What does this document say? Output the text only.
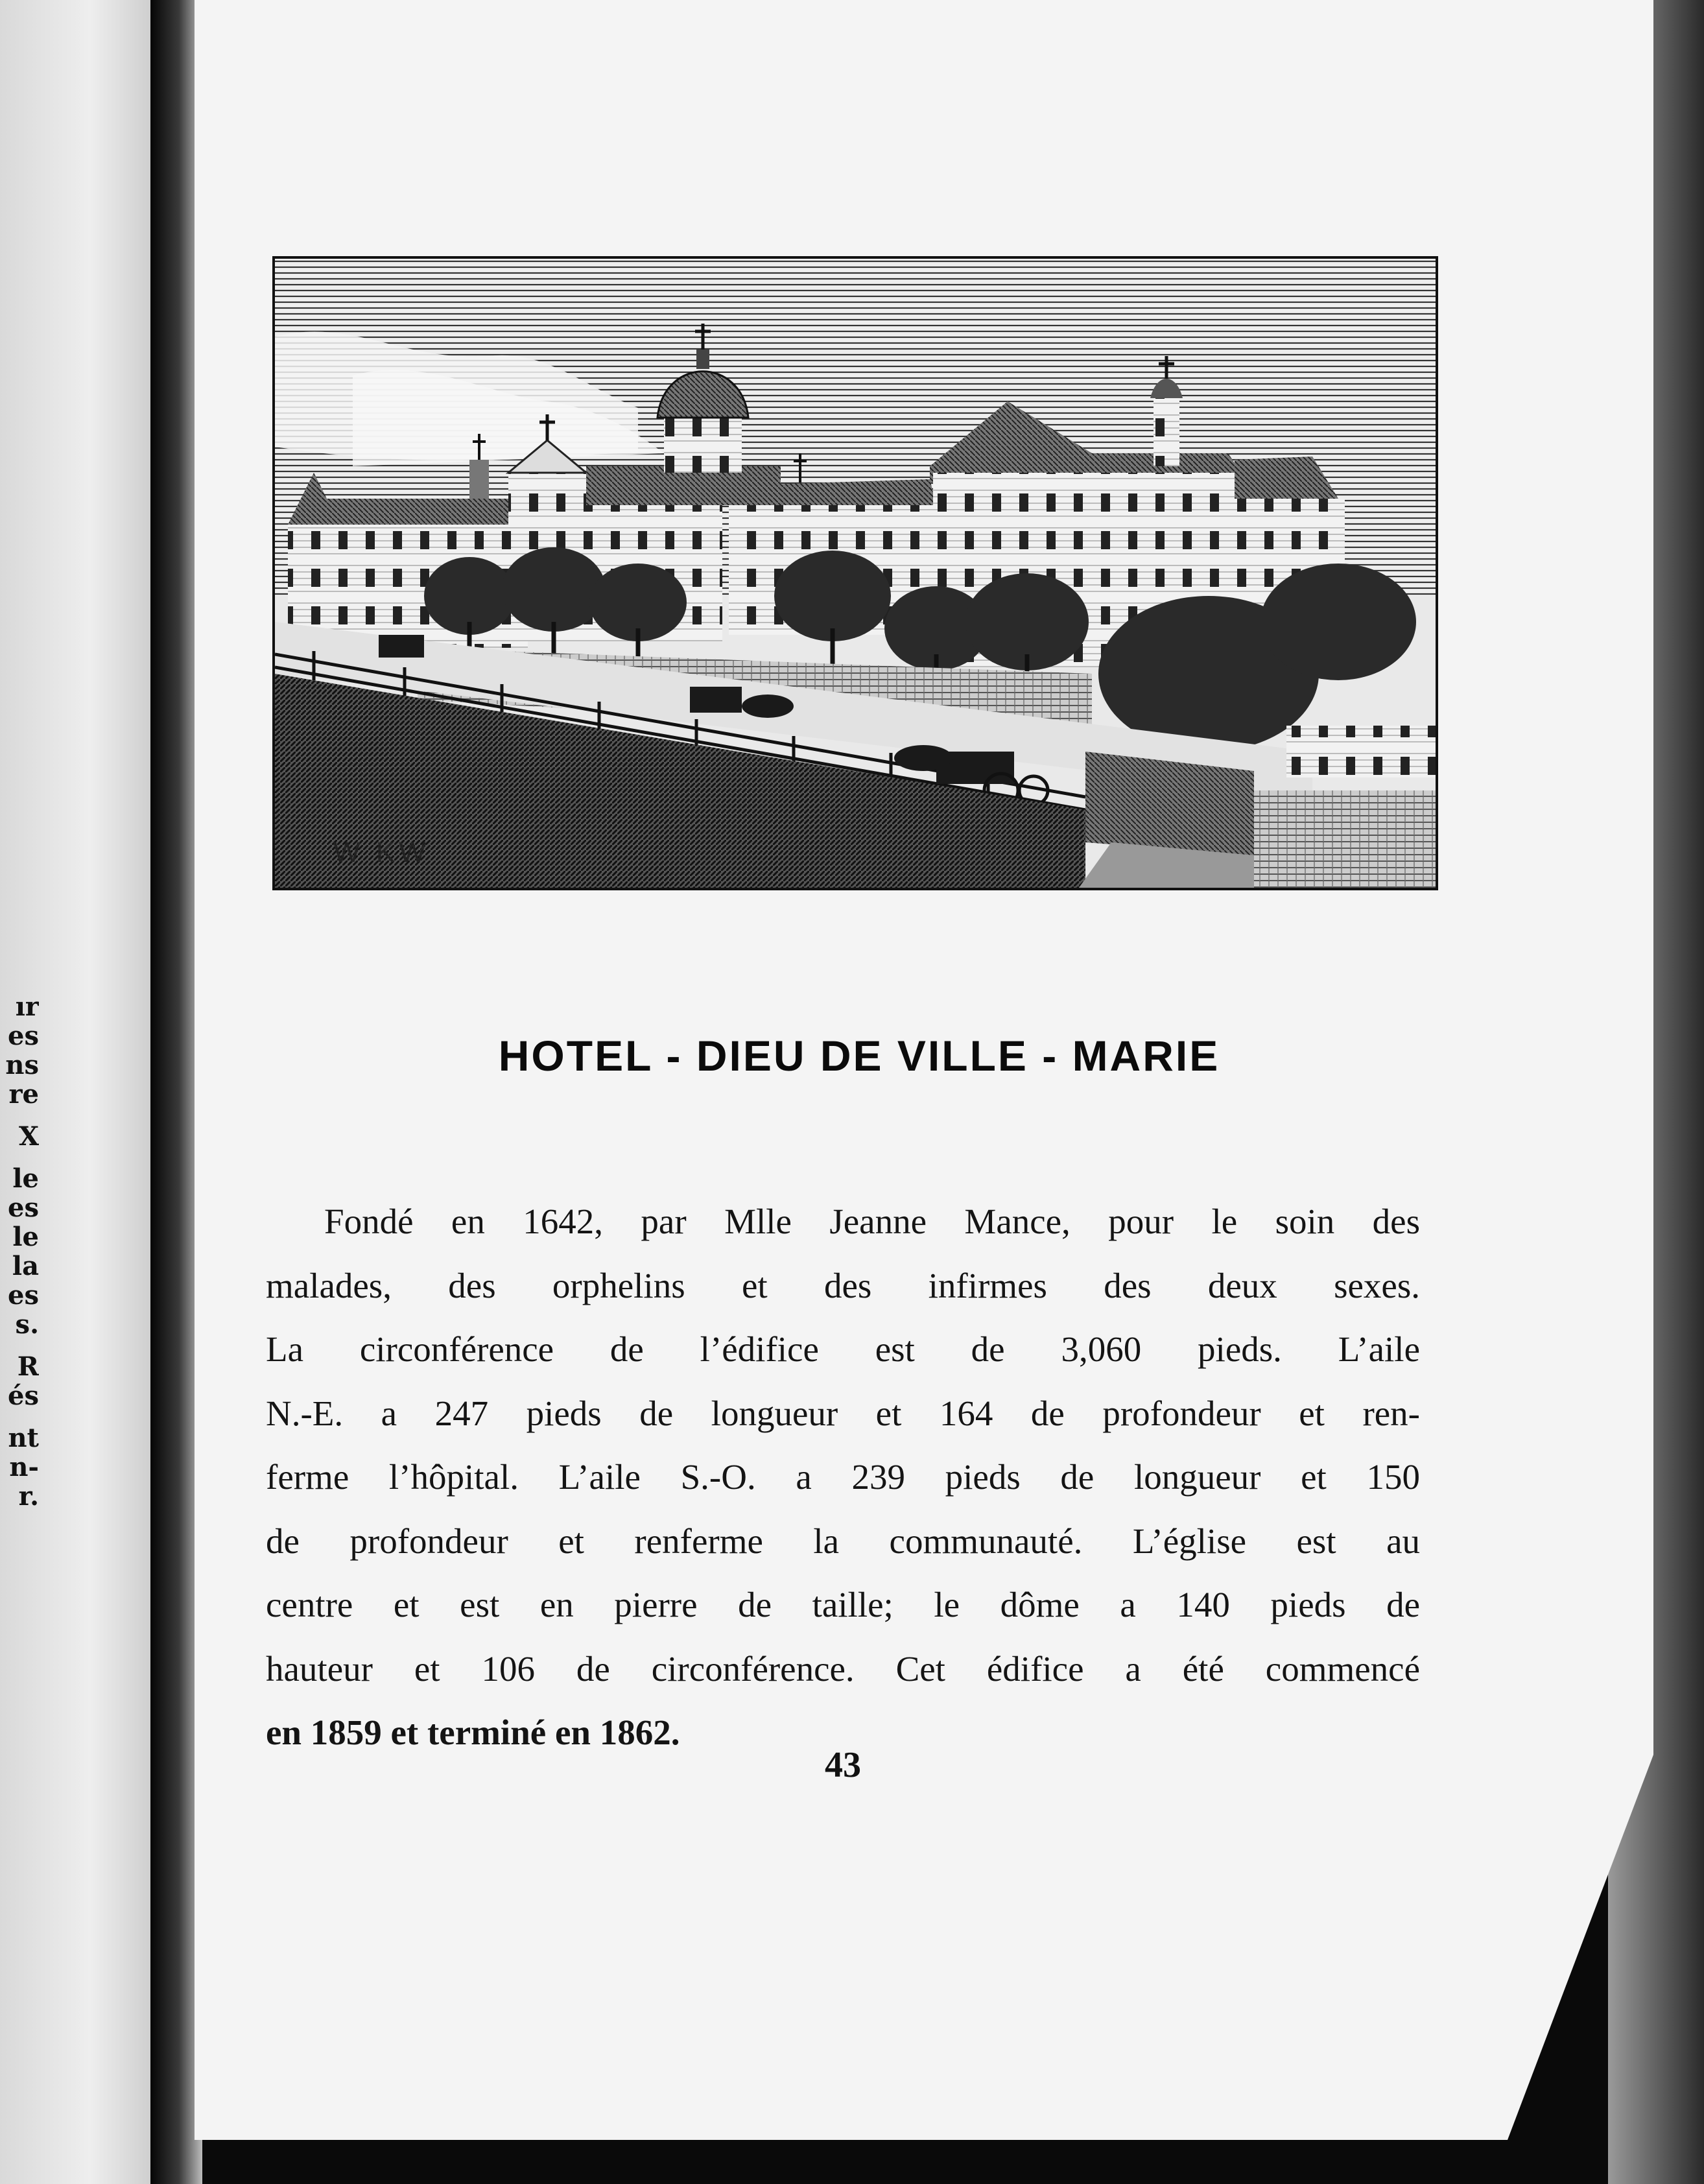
ır
es
ns
re
X
le
es
le
la
es
s.
R
és
nt
n-
r.
W KW
HOTEL - DIEU DE VILLE - MARIE
Fondé en 1642, par Mlle Jeanne Mance, pour le soin des
malades, des orphelins et des infirmes des deux sexes.
La circonférence de l’édifice est de 3,060 pieds. L’aile
N.-E. a 247 pieds de longueur et 164 de profondeur et ren-
ferme l’hôpital. L’aile S.-O. a 239 pieds de longueur et 150
de profondeur et renferme la communauté. L’église est au
centre et est en pierre de taille; le dôme a 140 pieds de
hauteur et 106 de circonférence. Cet édifice a été commencé
en 1859 et terminé en 1862.
43
